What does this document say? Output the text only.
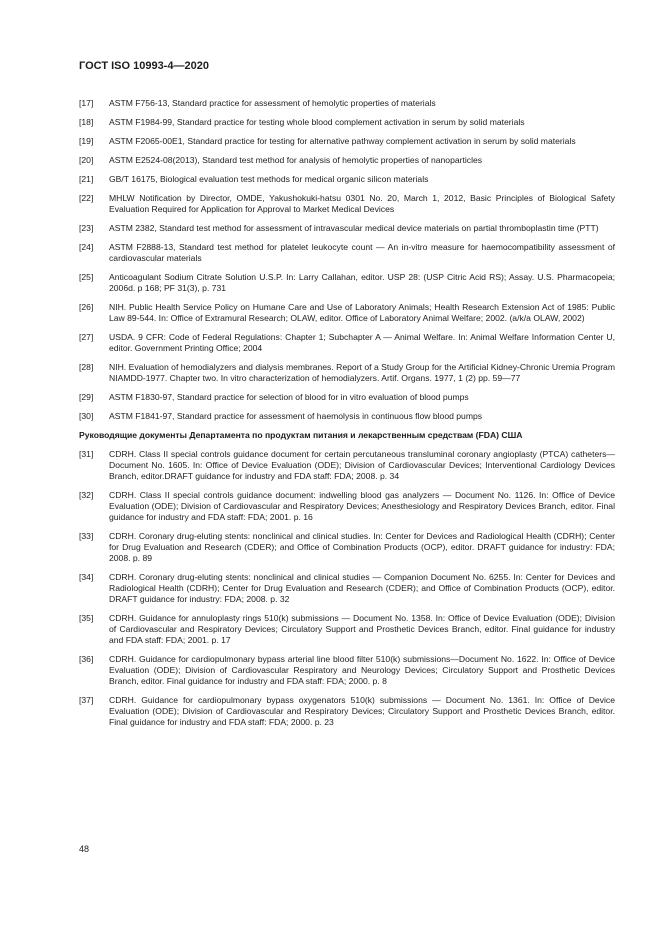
ГОСТ ISO 10993-4—2020
[17]	ASTM F756-13, Standard practice for assessment of hemolytic properties of materials
[18]	ASTM F1984-99, Standard practice for testing whole blood complement activation in serum by solid materials
[19]	ASTM F2065-00E1, Standard practice for testing for alternative pathway complement activation in serum by solid materials
[20]	ASTM E2524-08(2013), Standard test method for analysis of hemolytic properties of nanoparticles
[21]	GB/T 16175, Biological evaluation test methods for medical organic silicon materials
[22]	MHLW Notification by Director, OMDE, Yakushokuki-hatsu 0301 No. 20, March 1, 2012, Basic Principles of Biological Safety Evaluation Required for Application for Approval to Market Medical Devices
[23]	ASTM 2382, Standard test method for assessment of intravascular medical device materials on partial thromboplastin time (PTT)
[24]	ASTM F2888-13, Standard test method for platelet leukocyte count — An in-vitro measure for haemocompatibility assessment of cardiovascular materials
[25]	Anticoagulant Sodium Citrate Solution U.S.P. In: Larry Callahan, editor. USP 28: (USP Citric Acid RS); Assay. U.S. Pharmacopeia; 2006d. p 168; PF 31(3), p. 731
[26]	NIH. Public Health Service Policy on Humane Care and Use of Laboratory Animals; Health Research Extension Act of 1985: Public Law 89-544. In: Office of Extramural Research; OLAW, editor. Office of Laboratory Animal Welfare; 2002. (a/k/a OLAW, 2002)
[27]	USDA. 9 CFR: Code of Federal Regulations: Chapter 1; Subchapter A — Animal Welfare. In: Animal Welfare Information Center U, editor. Government Printing Office; 2004
[28]	NIH. Evaluation of hemodialyzers and dialysis membranes. Report of a Study Group for the Artificial Kidney-Chronic Uremia Program NIAMDD-1977. Chapter two. In vitro characterization of hemodialyzers. Artif. Organs. 1977, 1 (2) pp. 59—77
[29]	ASTM F1830-97, Standard practice for selection of blood for in vitro evaluation of blood pumps
[30]	ASTM F1841-97, Standard practice for assessment of haemolysis in continuous flow blood pumps
Руководящие документы Департамента по продуктам питания и лекарственным средствам (FDA) США
[31]	CDRH. Class II special controls guidance document for certain percutaneous transluminal coronary angioplasty (PTCA) catheters—Document No. 1605. In: Office of Device Evaluation (ODE); Division of Cardiovascular Devices; Interventional Cardiology Devices Branch, editor.DRAFT guidance for industry and FDA staff: FDA; 2008. p. 34
[32]	CDRH. Class II special controls guidance document: indwelling blood gas analyzers — Document No. 1126. In: Office of Device Evaluation (ODE); Division of Cardiovascular and Respiratory Devices; Anesthesiology and Respiratory Devices Branch, editor. Final guidance for industry and FDA staff: FDA; 2001. p. 16
[33]	CDRH. Coronary drug-eluting stents: nonclinical and clinical studies. In: Center for Devices and Radiological Health (CDRH); Center for Drug Evaluation and Research (CDER); and Office of Combination Products (OCP), editor. DRAFT guidance for industry: FDA; 2008. p. 89
[34]	CDRH. Coronary drug-eluting stents: nonclinical and clinical studies — Companion Document No. 6255. In: Center for Devices and Radiological Health (CDRH); Center for Drug Evaluation and Research (CDER); and Office of Combination Products (OCP), editor. DRAFT guidance for industry: FDA; 2008. p. 32
[35]	CDRH. Guidance for annuloplasty rings 510(k) submissions — Document No. 1358. In: Office of Device Evaluation (ODE); Division of Cardiovascular and Respiratory Devices; Circulatory Support and Prosthetic Devices Branch, editor. Final guidance for industry and FDA staff: FDA; 2001. p. 17
[36]	CDRH. Guidance for cardiopulmonary bypass arterial line blood filter 510(k) submissions—Document No. 1622. In: Office of Device Evaluation (ODE); Division of Cardiovascular Respiratory and Neurology Devices; Circulatory Support and Prosthetic Devices Branch, editor. Final guidance for industry and FDA staff: FDA; 2000. p. 8
[37]	CDRH. Guidance for cardiopulmonary bypass oxygenators 510(k) submissions — Document No. 1361. In: Office of Device Evaluation (ODE); Division of Cardiovascular and Respiratory Devices; Circulatory Support and Prosthetic Devices Branch, editor. Final guidance for industry and FDA staff: FDA; 2000. p. 23
48
